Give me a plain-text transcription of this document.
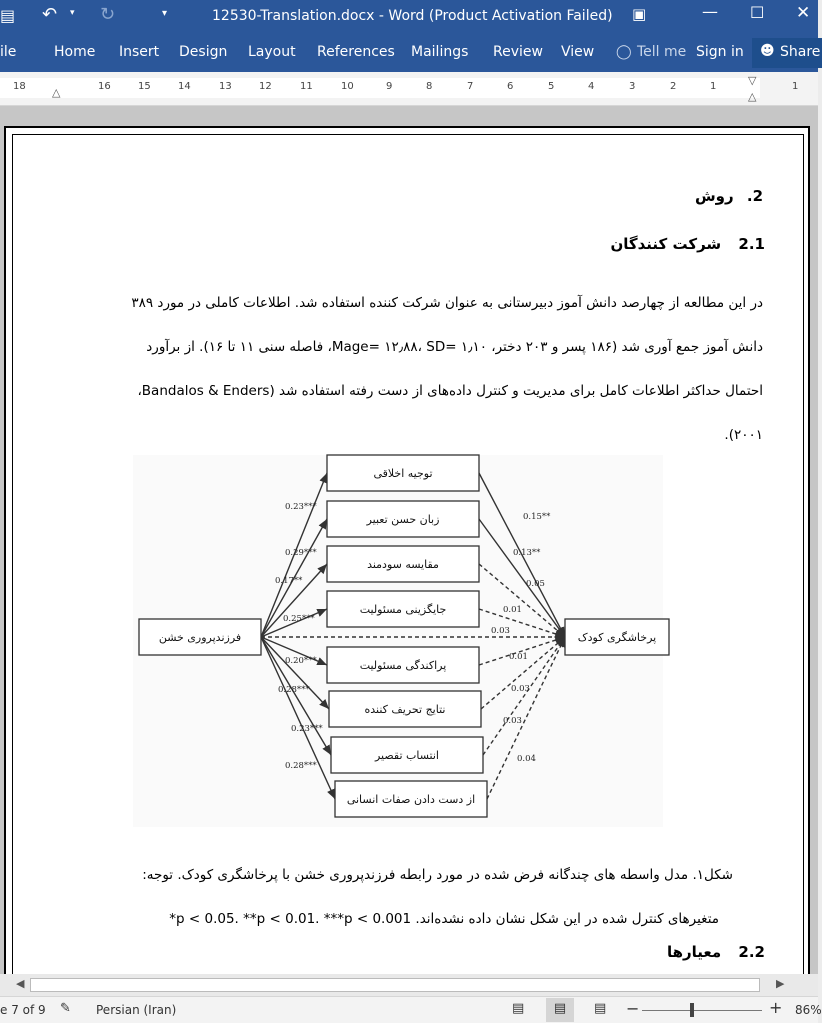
▤ ↶ ▾ ↻	▾	12530-Translation.docx - Word (Product Activation Failed) ▣	— ☐ ✕
ile	Home Insert Design Layout References Mailings Review View ◯ Tell me Sign in ☻ Share
18	16	15	14	13	12	11	10	9	8	7	6	5	4	3	2	1	1
△
▽
△
2. روش
2.1 شرکت کنندگان
در این مطالعه از چهارصد دانش آموز دبیرستانی به عنوان شرکت کننده استفاده شد. اطلاعات کاملی در مورد ۳۸۹
دانش آموز جمع آوری شد (۱۸۶ پسر و ۲۰۳ دختر، Mage= ۱۲٫۸۸، SD= ۱٫۱۰، فاصله سنی ۱۱ تا ۱۶). از برآورد
احتمال حداکثر اطلاعات کامل برای مدیریت و کنترل داده‌های از دست رفته استفاده شد (Bandalos & Enders،
۲۰۰۱).
فرزندپروری خشن	پرخاشگری کودک
توجیه اخلاقی
زبان حسن تعبیر
مقایسه سودمند
جایگزینی مسئولیت
پراکندگی مسئولیت
نتایج تحریف کننده
انتساب تقصیر
از دست دادن صفات انسانی
0.23***
0.29***
0.17**
0.25***
0.20***
0.28***
0.23***
0.28***
0.15**
0.13**
0.05
0.01
0.01
0.03
0.03
0.04
0.03
شکل۱. مدل واسطه های چندگانه فرض شده در مورد رابطه فرزندپروری خشن با پرخاشگری کودک. توجه:
متغیرهای کنترل شده در این شکل نشان داده نشده‌اند. p < 0.05. **p < 0.01. ***p < 0.001*
2.2 معیارها
◀	▶
e 7 of 9 ✎ Persian (Iran)	▤	▤	▤ −	+ 86%
